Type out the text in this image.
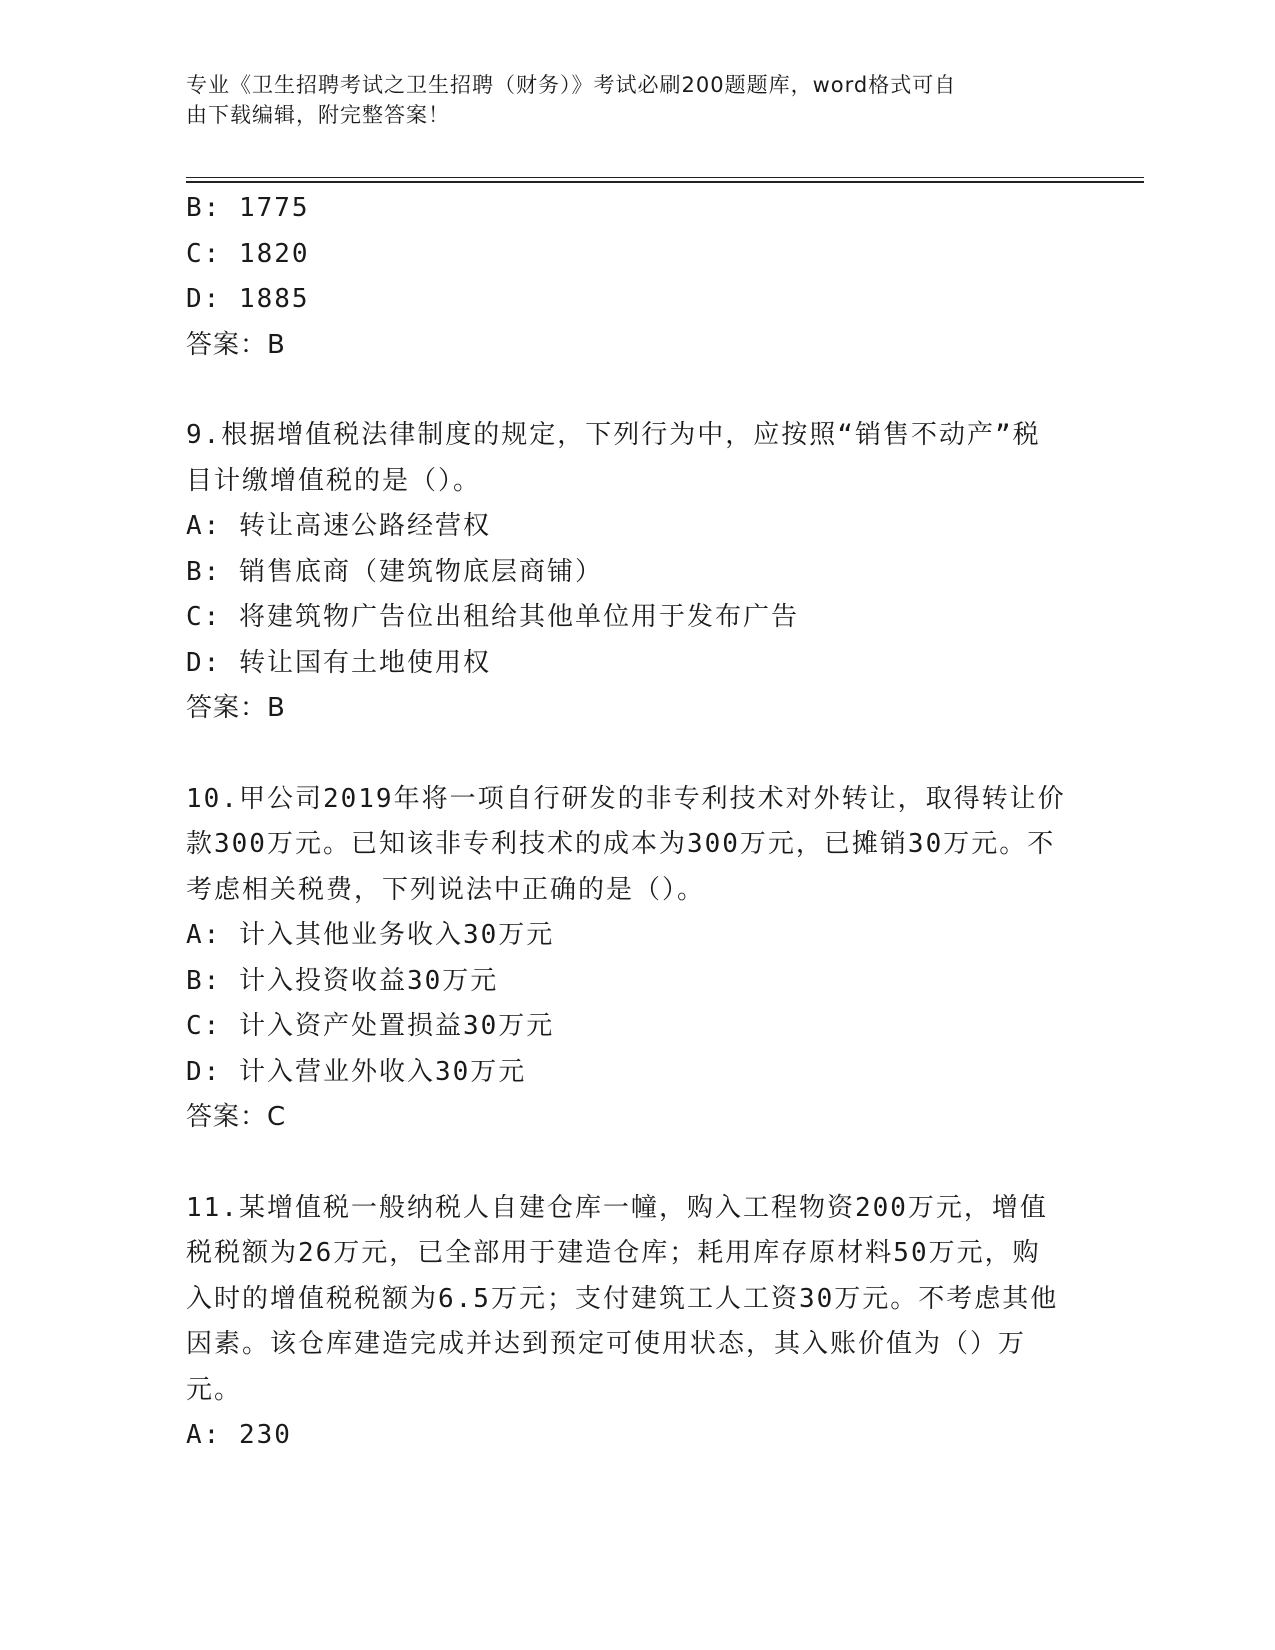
专业《卫生招聘考试之卫生招聘（财务）》考试必刷200题题库，word格式可自
由下载编辑，附完整答案！
B: 1775
C: 1820
D: 1885
答案：B
9.根据增值税法律制度的规定，下列行为中，应按照“销售不动产”税目计缴增值税的是（）。
A: 转让高速公路经营权
B: 销售底商（建筑物底层商铺）
C: 将建筑物广告位出租给其他单位用于发布广告
D: 转让国有土地使用权
答案：B
10.甲公司2019年将一项自行研发的非专利技术对外转让，取得转让价款300万元。已知该非专利技术的成本为300万元，已摊销30万元。不考虑相关税费，下列说法中正确的是（）。
A: 计入其他业务收入30万元
B: 计入投资收益30万元
C: 计入资产处置损益30万元
D: 计入营业外收入30万元
答案：C
11.某增值税一般纳税人自建仓库一幢，购入工程物资200万元，增值税税额为26万元，已全部用于建造仓库；耗用库存原材料50万元，购入时的增值税税额为6.5万元；支付建筑工人工资30万元。不考虑其他因素。该仓库建造完成并达到预定可使用状态，其入账价值为（）万元。
A: 230
